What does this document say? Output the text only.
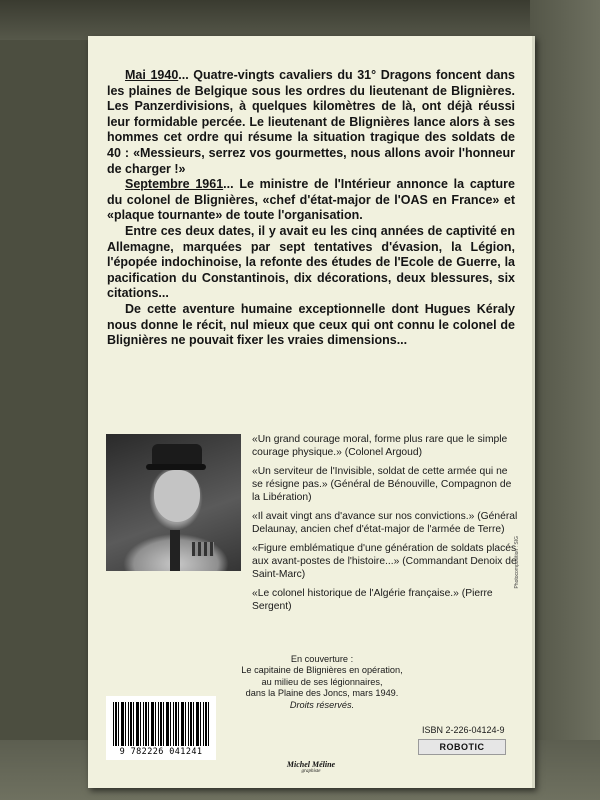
Mai 1940... Quatre-vingts cavaliers du 31° Dragons foncent dans les plaines de Belgique sous les ordres du lieutenant de Blignières. Les Panzerdivisions, à quelques kilomètres de là, ont déjà réussi leur formidable percée. Le lieutenant de Blignières lance alors à ses hommes cet ordre qui résume la situation tragique des soldats de 40 : «Messieurs, serrez vos gourmettes, nous allons avoir l'honneur de charger !»

Septembre 1961... Le ministre de l'Intérieur annonce la capture du colonel de Blignières, «chef d'état-major de l'OAS en France» et «plaque tournante» de toute l'organisation.

Entre ces deux dates, il y avait eu les cinq années de captivité en Allemagne, marquées par sept tentatives d'évasion, la Légion, l'épopée indochinoise, la refonte des études de l'Ecole de Guerre, la pacification du Constantinois, dix décorations, deux blessures, six citations...

De cette aventure humaine exceptionnelle dont Hugues Kéraly nous donne le récit, nul mieux que ceux qui ont connu le colonel de Blignières ne pouvait fixer les vraies dimensions...

«Un grand courage moral, forme plus rare que le simple courage physique.» (Colonel Argoud)

«Un serviteur de l'Invisible, soldat de cette armée qui ne se résigne pas.» (Général de Bénouville, Compagnon de la Libération)

«Il avait vingt ans d'avance sur nos convictions.» (Général Delaunay, ancien chef d'état-major de l'armée de Terre)

«Figure emblématique d'une génération de soldats placés aux avant-postes de l'histoire...» (Commandant Denoix de Saint-Marc)

«Le colonel historique de l'Algérie française.» (Pierre Sergent)

Photocomposition : SIG
En couverture :
Le capitaine de Blignières en opération,
au milieu de ses légionnaires,
dans la Plaine des Joncs, mars 1949.
Droits réservés.
9 782226 041241
Michel Méline
graphiste
ISBN 2-226-04124-9
ROBOTIC
